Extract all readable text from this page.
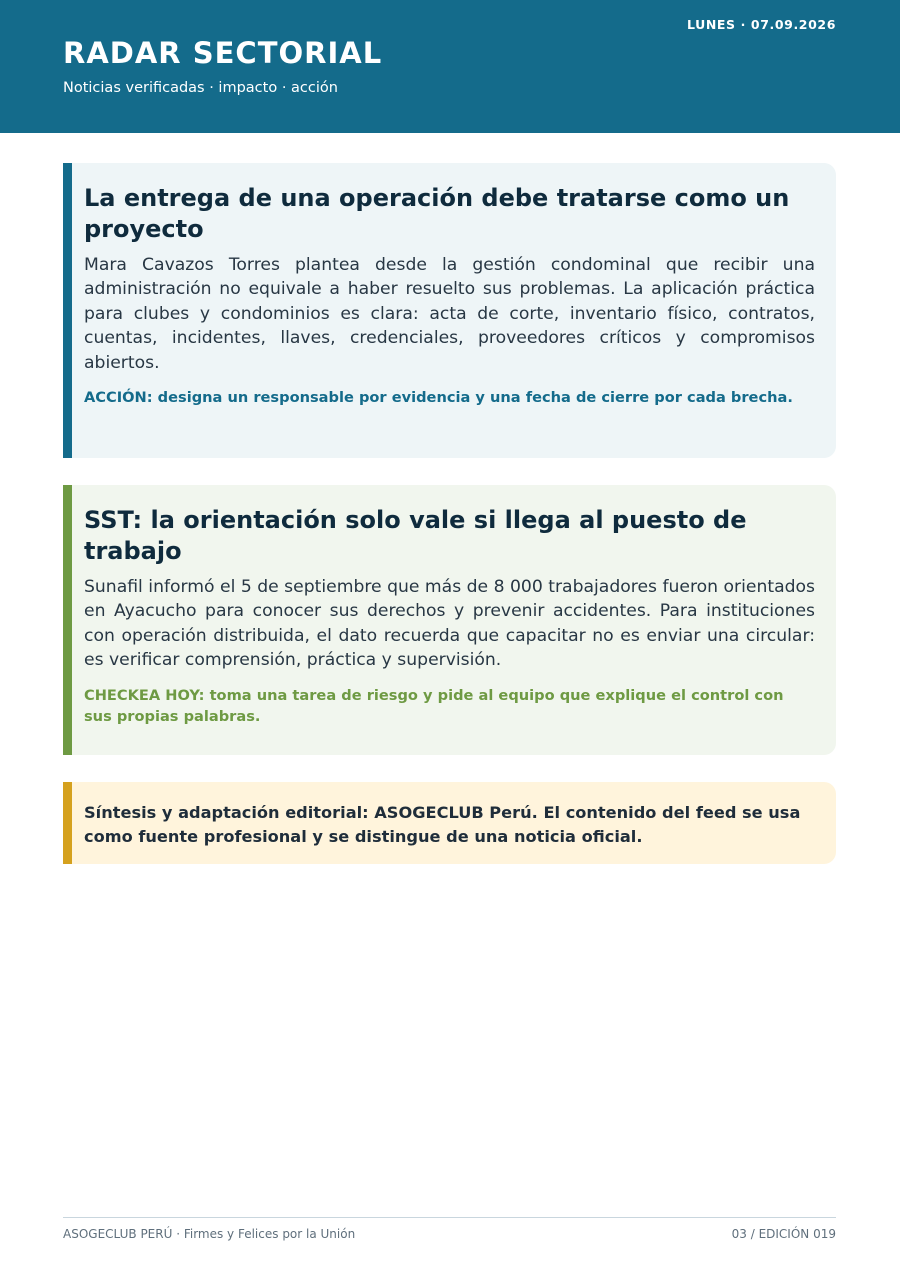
RADAR SECTORIAL
Noticias verificadas · impacto · acción
LUNES · 07.09.2026
La entrega de una operación debe tratarse como un proyecto

Mara Cavazos Torres plantea desde la gestión condominal que recibir una administración no equivale a haber resuelto sus problemas. La aplicación práctica para clubes y condominios es clara: acta de corte, inventario físico, contratos, cuentas, incidentes, llaves, credenciales, proveedores críticos y compromisos abiertos.

ACCIÓN: designa un responsable por evidencia y una fecha de cierre por cada brecha.

SST: la orientación solo vale si llega al puesto de trabajo

Sunafil informó el 5 de septiembre que más de 8 000 trabajadores fueron orientados en Ayacucho para conocer sus derechos y prevenir accidentes. Para instituciones con operación distribuida, el dato recuerda que capacitar no es enviar una circular: es verificar comprensión, práctica y supervisión.

CHECKEA HOY: toma una tarea de riesgo y pide al equipo que explique el control con sus propias palabras.

Síntesis y adaptación editorial: ASOGECLUB Perú. El contenido del feed se usa como fuente profesional y se distingue de una noticia oficial.

ASOGECLUB PERÚ · Firmes y Felices por la Unión	03 / EDICIÓN 019
